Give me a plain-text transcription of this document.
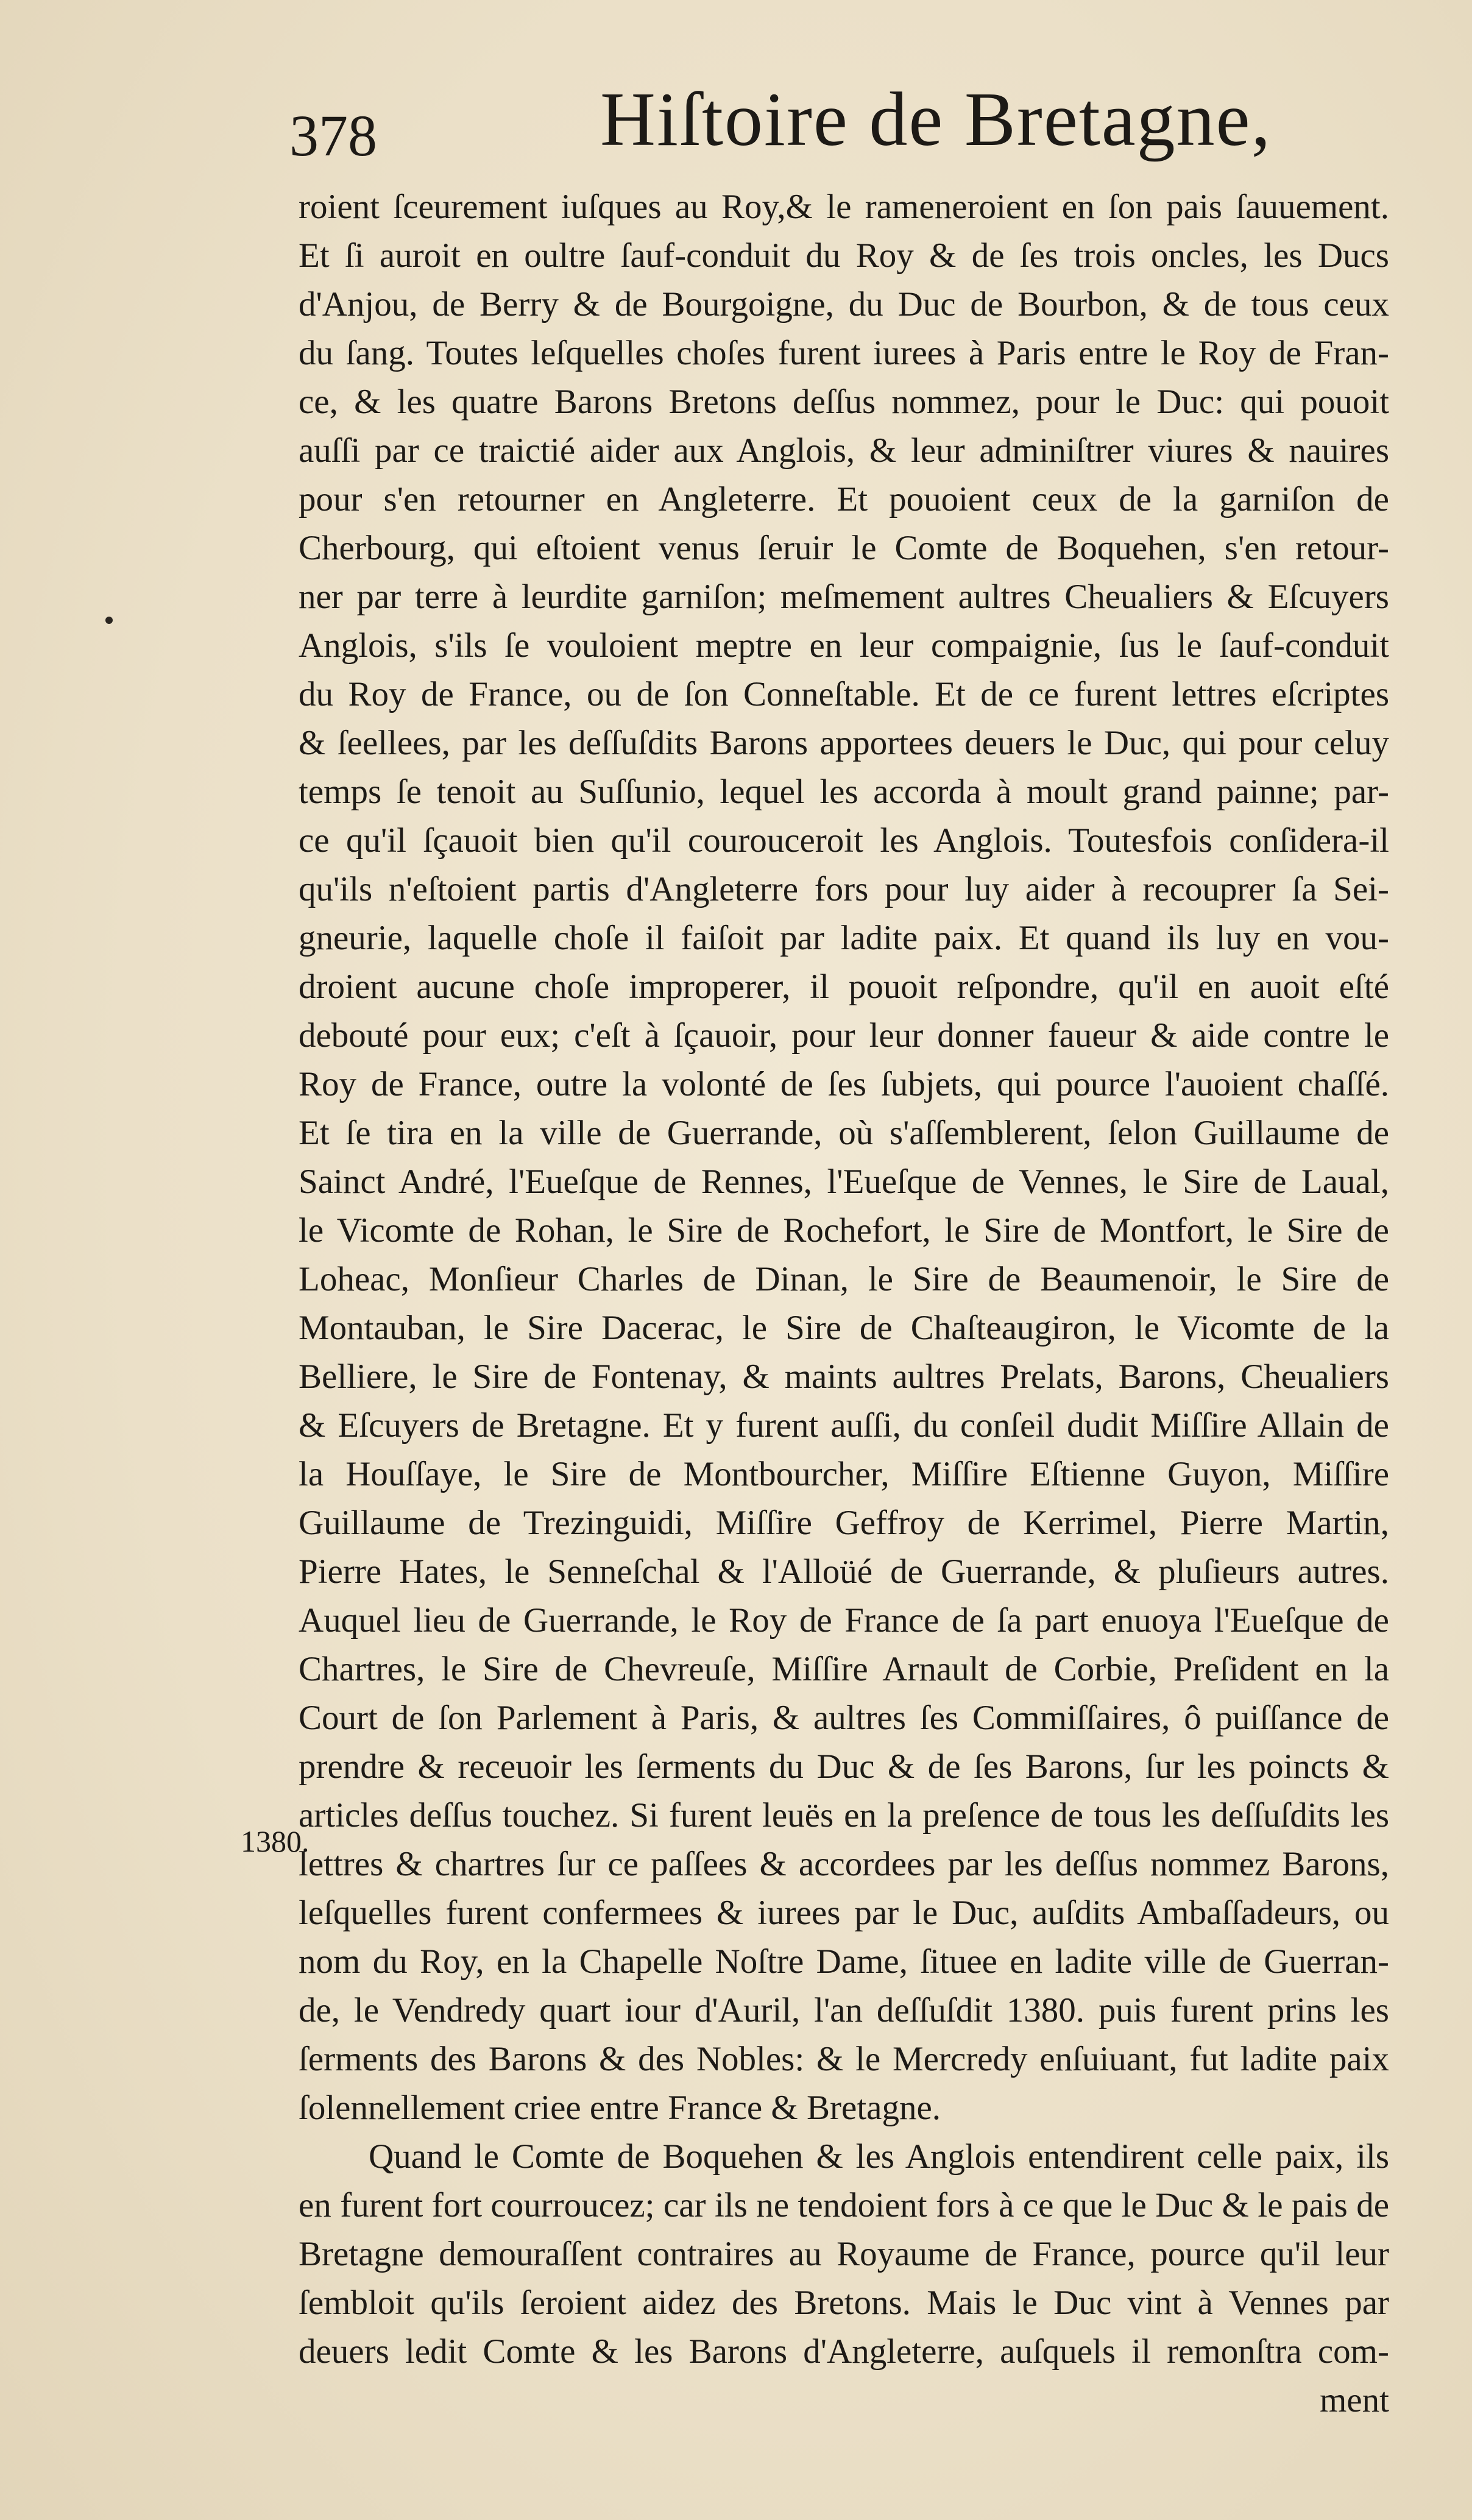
378	Hiſtoire de Bretagne,
1380.
roient ſceurement iuſques au Roy,& le rameneroient en ſon pais ſauuement.
Et ſi auroit en oultre ſauf-conduit du Roy & de ſes trois oncles, les Ducs
d'Anjou, de Berry & de Bourgoigne, du Duc de Bourbon, & de tous ceux
du ſang. Toutes leſquelles choſes furent iurees à Paris entre le Roy de Fran-
ce, & les quatre Barons Bretons deſſus nommez, pour le Duc: qui pouoit
auſſi par ce traictié aider aux Anglois, & leur adminiſtrer viures & nauires
pour s'en retourner en Angleterre. Et pouoient ceux de la garniſon de
Cherbourg, qui eſtoient venus ſeruir le Comte de Boquehen, s'en retour-
ner par terre à leurdite garniſon; meſmement aultres Cheualiers & Eſcuyers
Anglois, s'ils ſe vouloient meptre en leur compaignie, ſus le ſauf-conduit
du Roy de France, ou de ſon Conneſtable. Et de ce furent lettres eſcriptes
& ſeellees, par les deſſuſdits Barons apportees deuers le Duc, qui pour celuy
temps ſe tenoit au Suſſunio, lequel les accorda à moult grand painne; par-
ce qu'il ſçauoit bien qu'il courouceroit les Anglois. Toutesfois conſidera-il
qu'ils n'eſtoient partis d'Angleterre fors pour luy aider à recouprer ſa Sei-
gneurie, laquelle choſe il faiſoit par ladite paix. Et quand ils luy en vou-
droient aucune choſe improperer, il pouoit reſpondre, qu'il en auoit eſté
debouté pour eux; c'eſt à ſçauoir, pour leur donner faueur & aide contre le
Roy de France, outre la volonté de ſes ſubjets, qui pource l'auoient chaſſé.
Et ſe tira en la ville de Guerrande, où s'aſſemblerent, ſelon Guillaume de
Sainct André, l'Eueſque de Rennes, l'Eueſque de Vennes, le Sire de Laual,
le Vicomte de Rohan, le Sire de Rochefort, le Sire de Montfort, le Sire de
Loheac, Monſieur Charles de Dinan, le Sire de Beaumenoir, le Sire de
Montauban, le Sire Dacerac, le Sire de Chaſteaugiron, le Vicomte de la
Belliere, le Sire de Fontenay, & maints aultres Prelats, Barons, Cheualiers
& Eſcuyers de Bretagne. Et y furent auſſi, du conſeil dudit Miſſire Allain de
la Houſſaye, le Sire de Montbourcher, Miſſire Eſtienne Guyon, Miſſire
Guillaume de Trezinguidi, Miſſire Geffroy de Kerrimel, Pierre Martin,
Pierre Hates, le Senneſchal & l'Alloüé de Guerrande, & pluſieurs autres.
Auquel lieu de Guerrande, le Roy de France de ſa part enuoya l'Eueſque de
Chartres, le Sire de Chevreuſe, Miſſire Arnault de Corbie, Preſident en la
Court de ſon Parlement à Paris, & aultres ſes Commiſſaires, ô puiſſance de
prendre & receuoir les ſerments du Duc & de ſes Barons, ſur les poincts &
articles deſſus touchez. Si furent leuës en la preſence de tous les deſſuſdits les
lettres & chartres ſur ce paſſees & accordees par les deſſus nommez Barons,
leſquelles furent confermees & iurees par le Duc, auſdits Ambaſſadeurs, ou
nom du Roy, en la Chapelle Noſtre Dame, ſituee en ladite ville de Guerran-
de, le Vendredy quart iour d'Auril, l'an deſſuſdit 1380. puis furent prins les
ſerments des Barons & des Nobles: & le Mercredy enſuiuant, fut ladite paix
ſolennellement criee entre France & Bretagne.
Quand le Comte de Boquehen & les Anglois entendirent celle paix, ils
en furent fort courroucez; car ils ne tendoient fors à ce que le Duc & le pais de
Bretagne demouraſſent contraires au Royaume de France, pource qu'il leur
ſembloit qu'ils ſeroient aidez des Bretons. Mais le Duc vint à Vennes par
deuers ledit Comte & les Barons d'Angleterre, auſquels il remonſtra com-
ment
